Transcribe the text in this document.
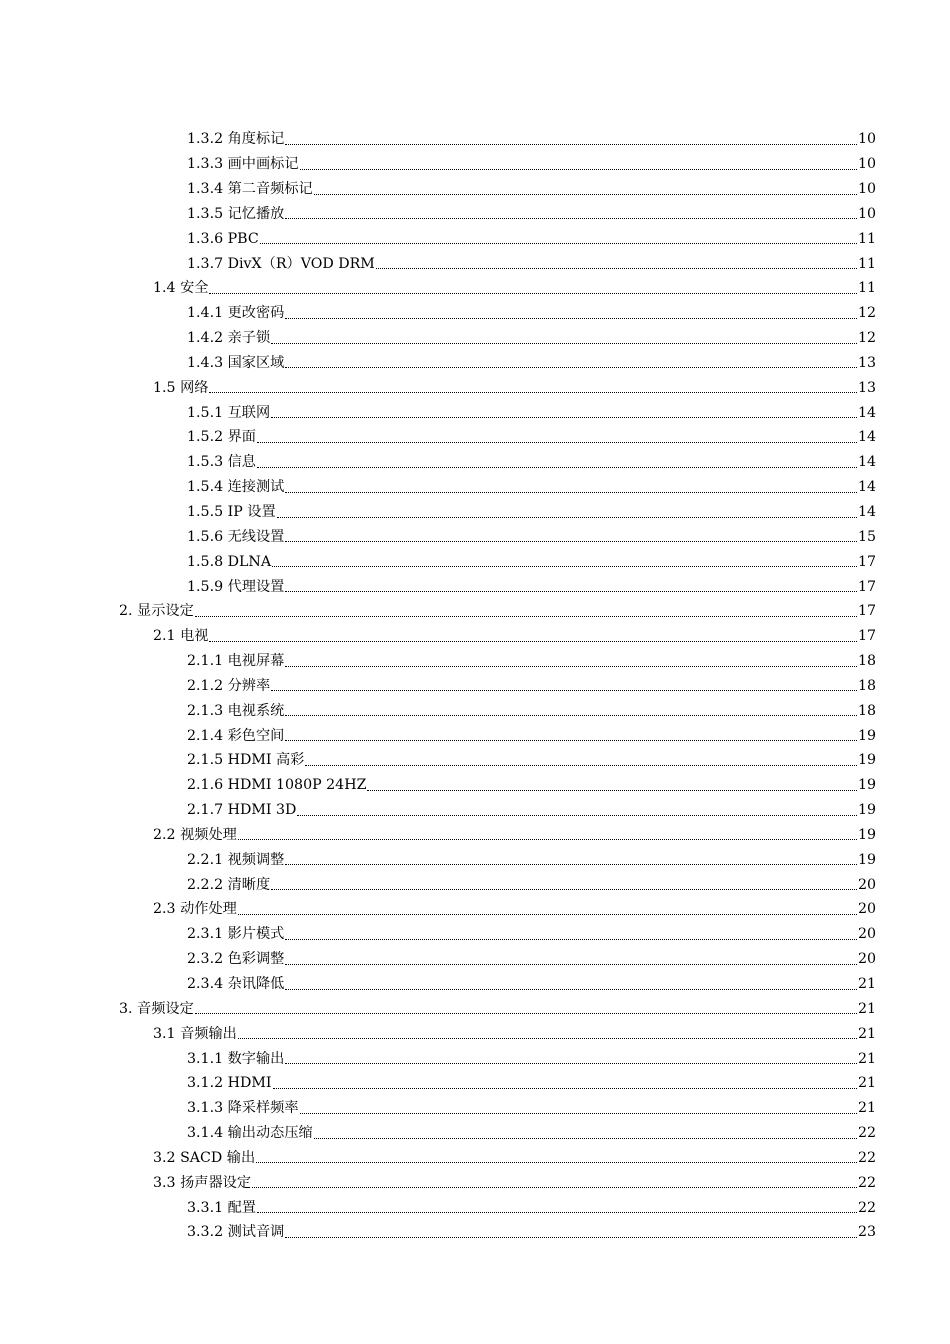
1.3.2 角度标记	10
1.3.3 画中画标记	10
1.3.4 第二音频标记	10
1.3.5 记忆播放	10
1.3.6 PBC	11
1.3.7 DivX（R）VOD DRM	11
1.4 安全	11
1.4.1 更改密码	12
1.4.2 亲子锁	12
1.4.3 国家区域	13
1.5 网络	13
1.5.1 互联网	14
1.5.2 界面	14
1.5.3 信息	14
1.5.4 连接测试	14
1.5.5 IP 设置	14
1.5.6 无线设置	15
1.5.8 DLNA	17
1.5.9 代理设置	17
2. 显示设定	17
2.1 电视	17
2.1.1 电视屏幕	18
2.1.2 分辨率	18
2.1.3 电视系统	18
2.1.4 彩色空间	19
2.1.5 HDMI 高彩	19
2.1.6 HDMI 1080P 24HZ	19
2.1.7 HDMI 3D	19
2.2 视频处理	19
2.2.1 视频调整	19
2.2.2 清晰度	20
2.3 动作处理	20
2.3.1 影片模式	20
2.3.2 色彩调整	20
2.3.4 杂讯降低	21
3. 音频设定	21
3.1 音频输出	21
3.1.1 数字输出	21
3.1.2 HDMI	21
3.1.3 降采样频率	21
3.1.4 输出动态压缩	22
3.2 SACD 输出	22
3.3 扬声器设定	22
3.3.1 配置	22
3.3.2 测试音调	23
